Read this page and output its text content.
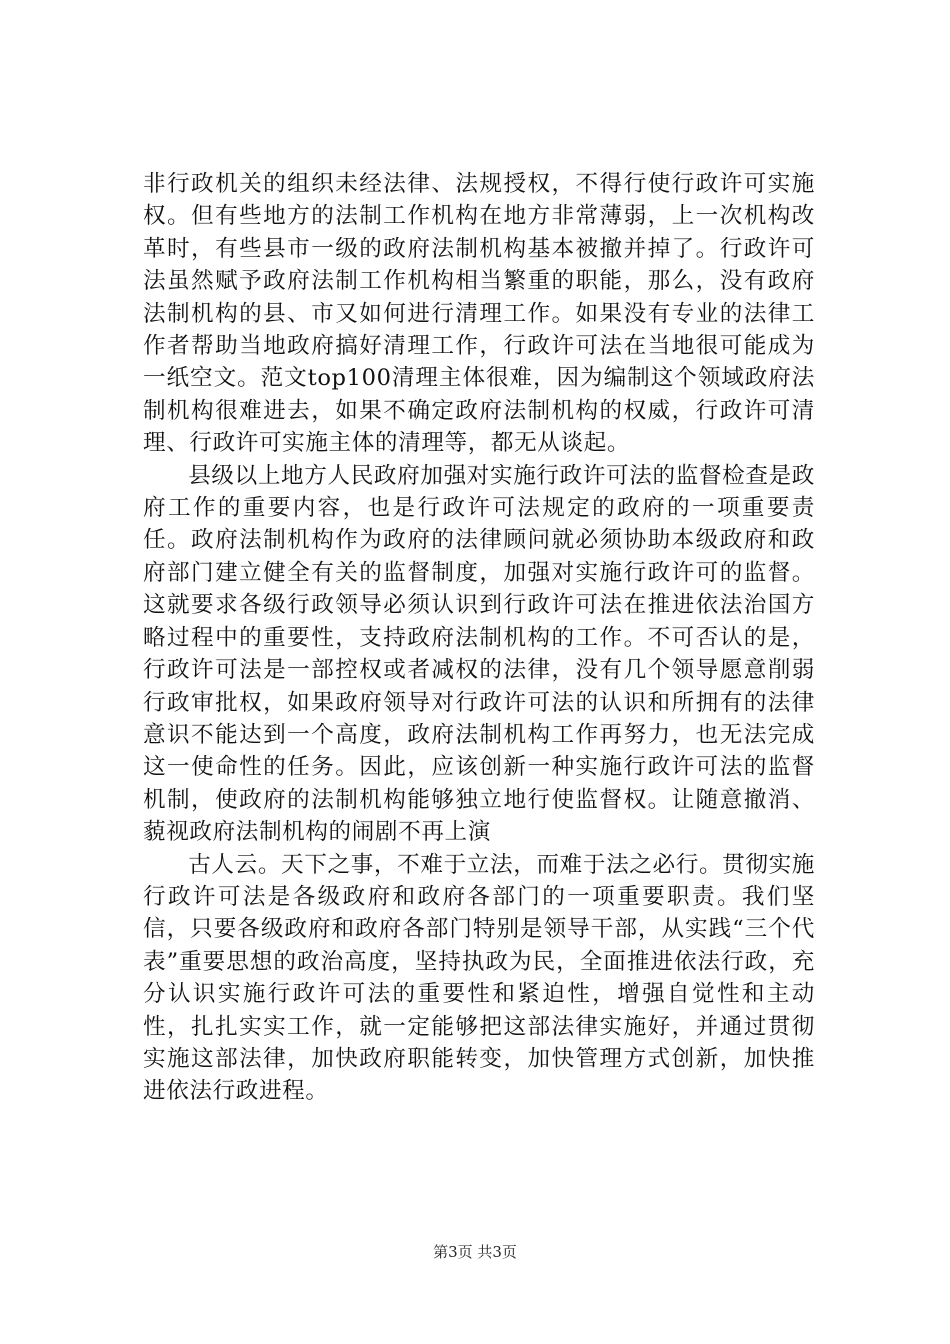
非行政机关的组织未经法律、法规授权，不得行使行政许可实施权。但有些地方的法制工作机构在地方非常薄弱，上一次机构改革时，有些县市一级的政府法制机构基本被撤并掉了。行政许可法虽然赋予政府法制工作机构相当繁重的职能，那么，没有政府法制机构的县、市又如何进行清理工作。如果没有专业的法律工作者帮助当地政府搞好清理工作，行政许可法在当地很可能成为一纸空文。范文top100清理主体很难，因为编制这个领域政府法制机构很难进去，如果不确定政府法制机构的权威，行政许可清理、行政许可实施主体的清理等，都无从谈起。

县级以上地方人民政府加强对实施行政许可法的监督检查是政府工作的重要内容，也是行政许可法规定的政府的一项重要责任。政府法制机构作为政府的法律顾问就必须协助本级政府和政府部门建立健全有关的监督制度，加强对实施行政许可的监督。这就要求各级行政领导必须认识到行政许可法在推进依法治国方略过程中的重要性，支持政府法制机构的工作。不可否认的是，行政许可法是一部控权或者减权的法律，没有几个领导愿意削弱行政审批权，如果政府领导对行政许可法的认识和所拥有的法律意识不能达到一个高度，政府法制机构工作再努力，也无法完成这一使命性的任务。因此，应该创新一种实施行政许可法的监督机制，使政府的法制机构能够独立地行使监督权。让随意撤消、藐视政府法制机构的闹剧不再上演

古人云。天下之事，不难于立法，而难于法之必行。贯彻实施行政许可法是各级政府和政府各部门的一项重要职责。我们坚信，只要各级政府和政府各部门特别是领导干部，从实践“三个代表”重要思想的政治高度，坚持执政为民，全面推进依法行政，充分认识实施行政许可法的重要性和紧迫性，增强自觉性和主动性，扎扎实实工作，就一定能够把这部法律实施好，并通过贯彻实施这部法律，加快政府职能转变，加快管理方式创新，加快推进依法行政进程。

第3页 共3页
